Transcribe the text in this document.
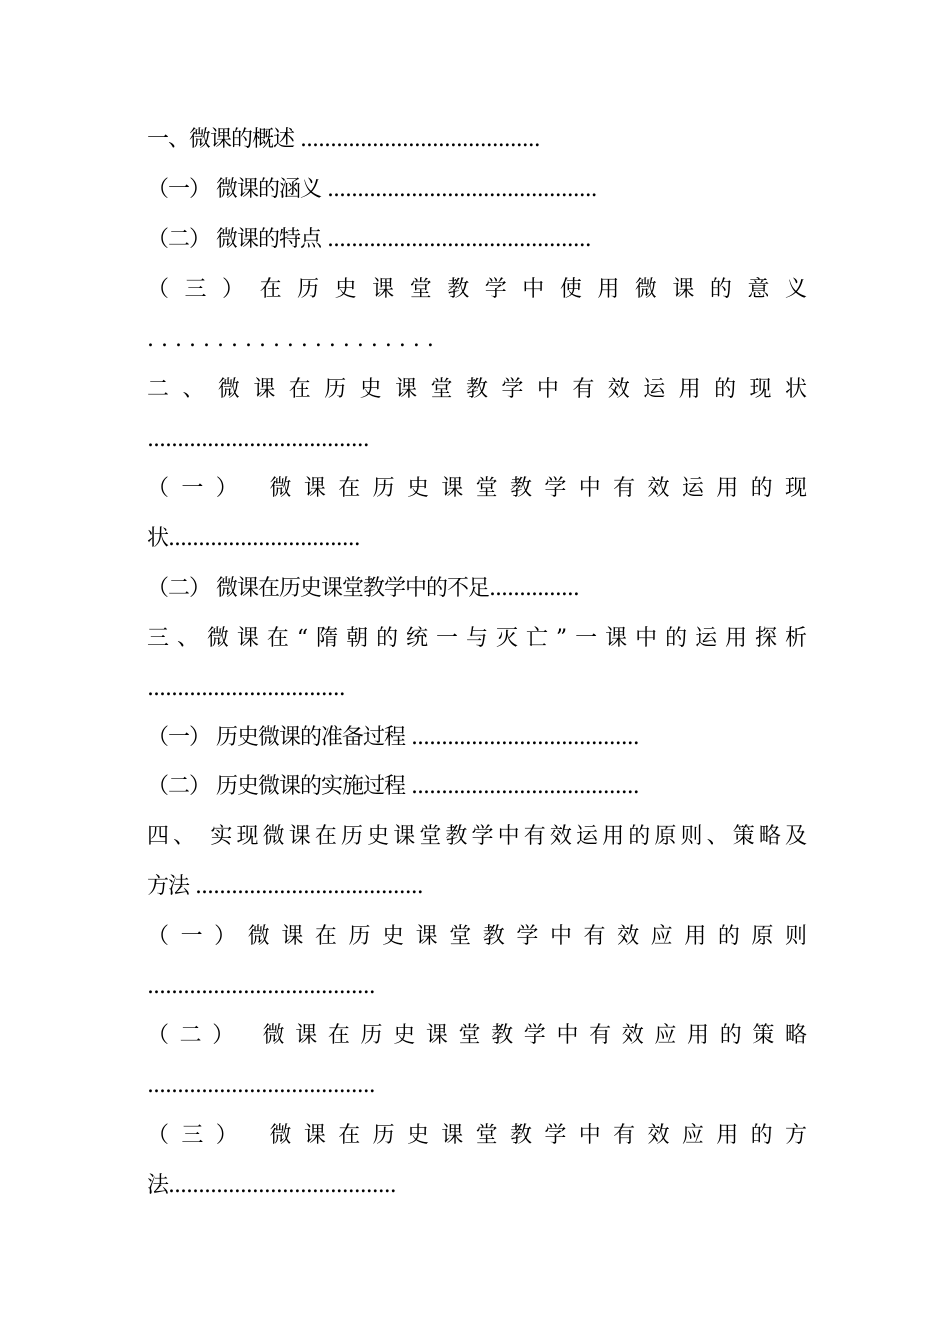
一、微课的概述 ........................................
（一） 微课的涵义 .............................................
（二） 微课的特点 ............................................
（三）在历史课堂教学中使用微课的意义
.....................
二、微课在历史课堂教学中有效运用的现状
.....................................
（一） 微课在历史课堂教学中有效运用的现
状................................
（二） 微课在历史课堂教学中的不足...............
三、微课在“隋朝的统一与灭亡”一课中的运用探析
.................................
（一） 历史微课的准备过程 ......................................
（二） 历史微课的实施过程 ......................................
四、 实现微课在历史课堂教学中有效运用的原则、策略及
方法 ......................................
（一）微课在历史课堂教学中有效应用的原则
......................................
（二） 微课在历史课堂教学中有效应用的策略
......................................
（三） 微课在历史课堂教学中有效应用的方
法......................................
